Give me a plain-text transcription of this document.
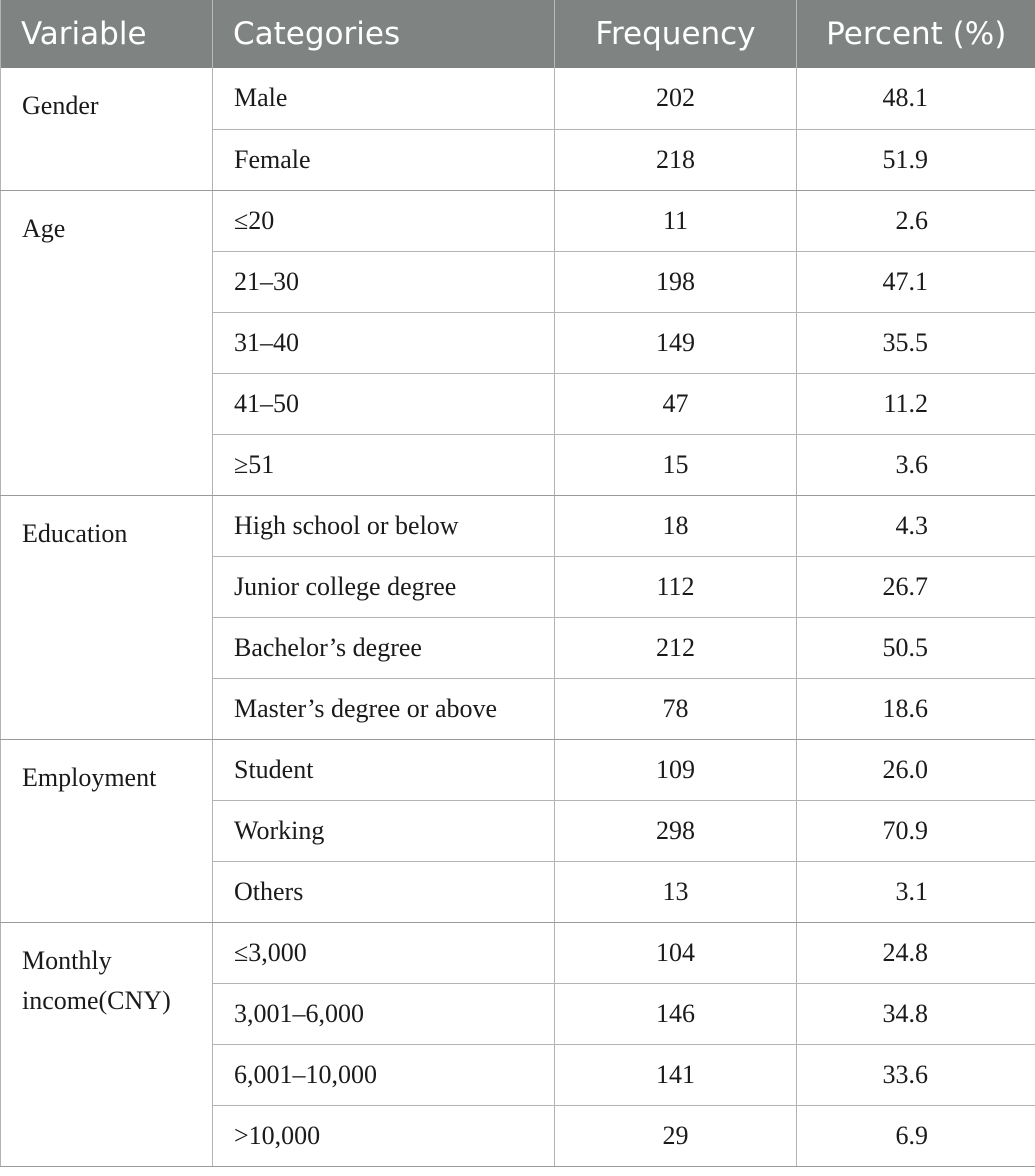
Variable	Categories	Frequency	Percent (%)
Gender	Male	202	48.1
	Female	218	51.9
Age	≤20	11	2.6
	21–30	198	47.1
	31–40	149	35.5
	41–50	47	11.2
	≥51	15	3.6
Education	High school or below	18	4.3
	Junior college degree	112	26.7
	Bachelor’s degree	212	50.5
	Master’s degree or above	78	18.6
Employment	Student	109	26.0
	Working	298	70.9
	Others	13	3.1
Monthly income(CNY)	≤3,000	104	24.8
	3,001–6,000	146	34.8
	6,001–10,000	141	33.6
	>10,000	29	6.9
